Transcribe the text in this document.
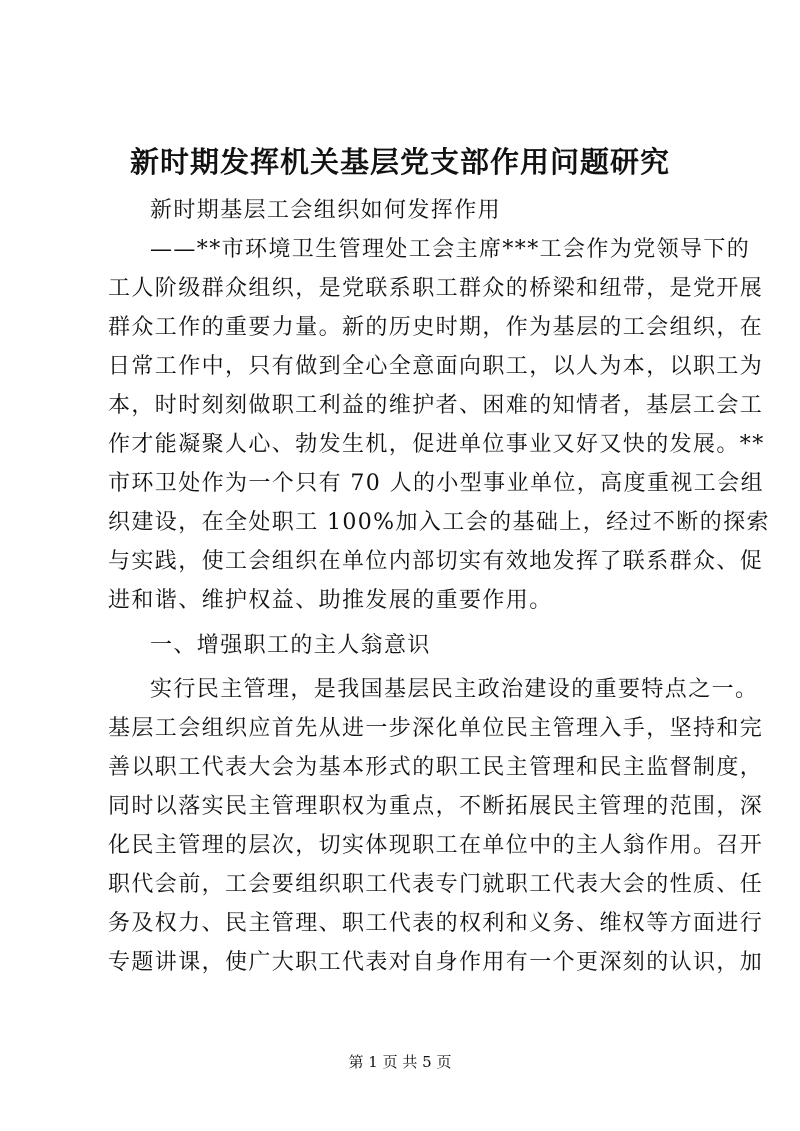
新时期发挥机关基层党支部作用问题研究
新时期基层工会组织如何发挥作用
——**市环境卫生管理处工会主席***工会作为党领导下的
工人阶级群众组织，是党联系职工群众的桥梁和纽带，是党开展
群众工作的重要力量。新的历史时期，作为基层的工会组织，在
日常工作中，只有做到全心全意面向职工，以人为本，以职工为
本，时时刻刻做职工利益的维护者、困难的知情者，基层工会工
作才能凝聚人心、勃发生机，促进单位事业又好又快的发展。**
市环卫处作为一个只有 70 人的小型事业单位，高度重视工会组
织建设，在全处职工 100%加入工会的基础上，经过不断的探索
与实践，使工会组织在单位内部切实有效地发挥了联系群众、促
进和谐、维护权益、助推发展的重要作用。
一、增强职工的主人翁意识
实行民主管理，是我国基层民主政治建设的重要特点之一。
基层工会组织应首先从进一步深化单位民主管理入手，坚持和完
善以职工代表大会为基本形式的职工民主管理和民主监督制度，
同时以落实民主管理职权为重点，不断拓展民主管理的范围，深
化民主管理的层次，切实体现职工在单位中的主人翁作用。召开
职代会前，工会要组织职工代表专门就职工代表大会的性质、任
务及权力、民主管理、职工代表的权利和义务、维权等方面进行
专题讲课，使广大职工代表对自身作用有一个更深刻的认识，加
第 1 页 共 5 页
